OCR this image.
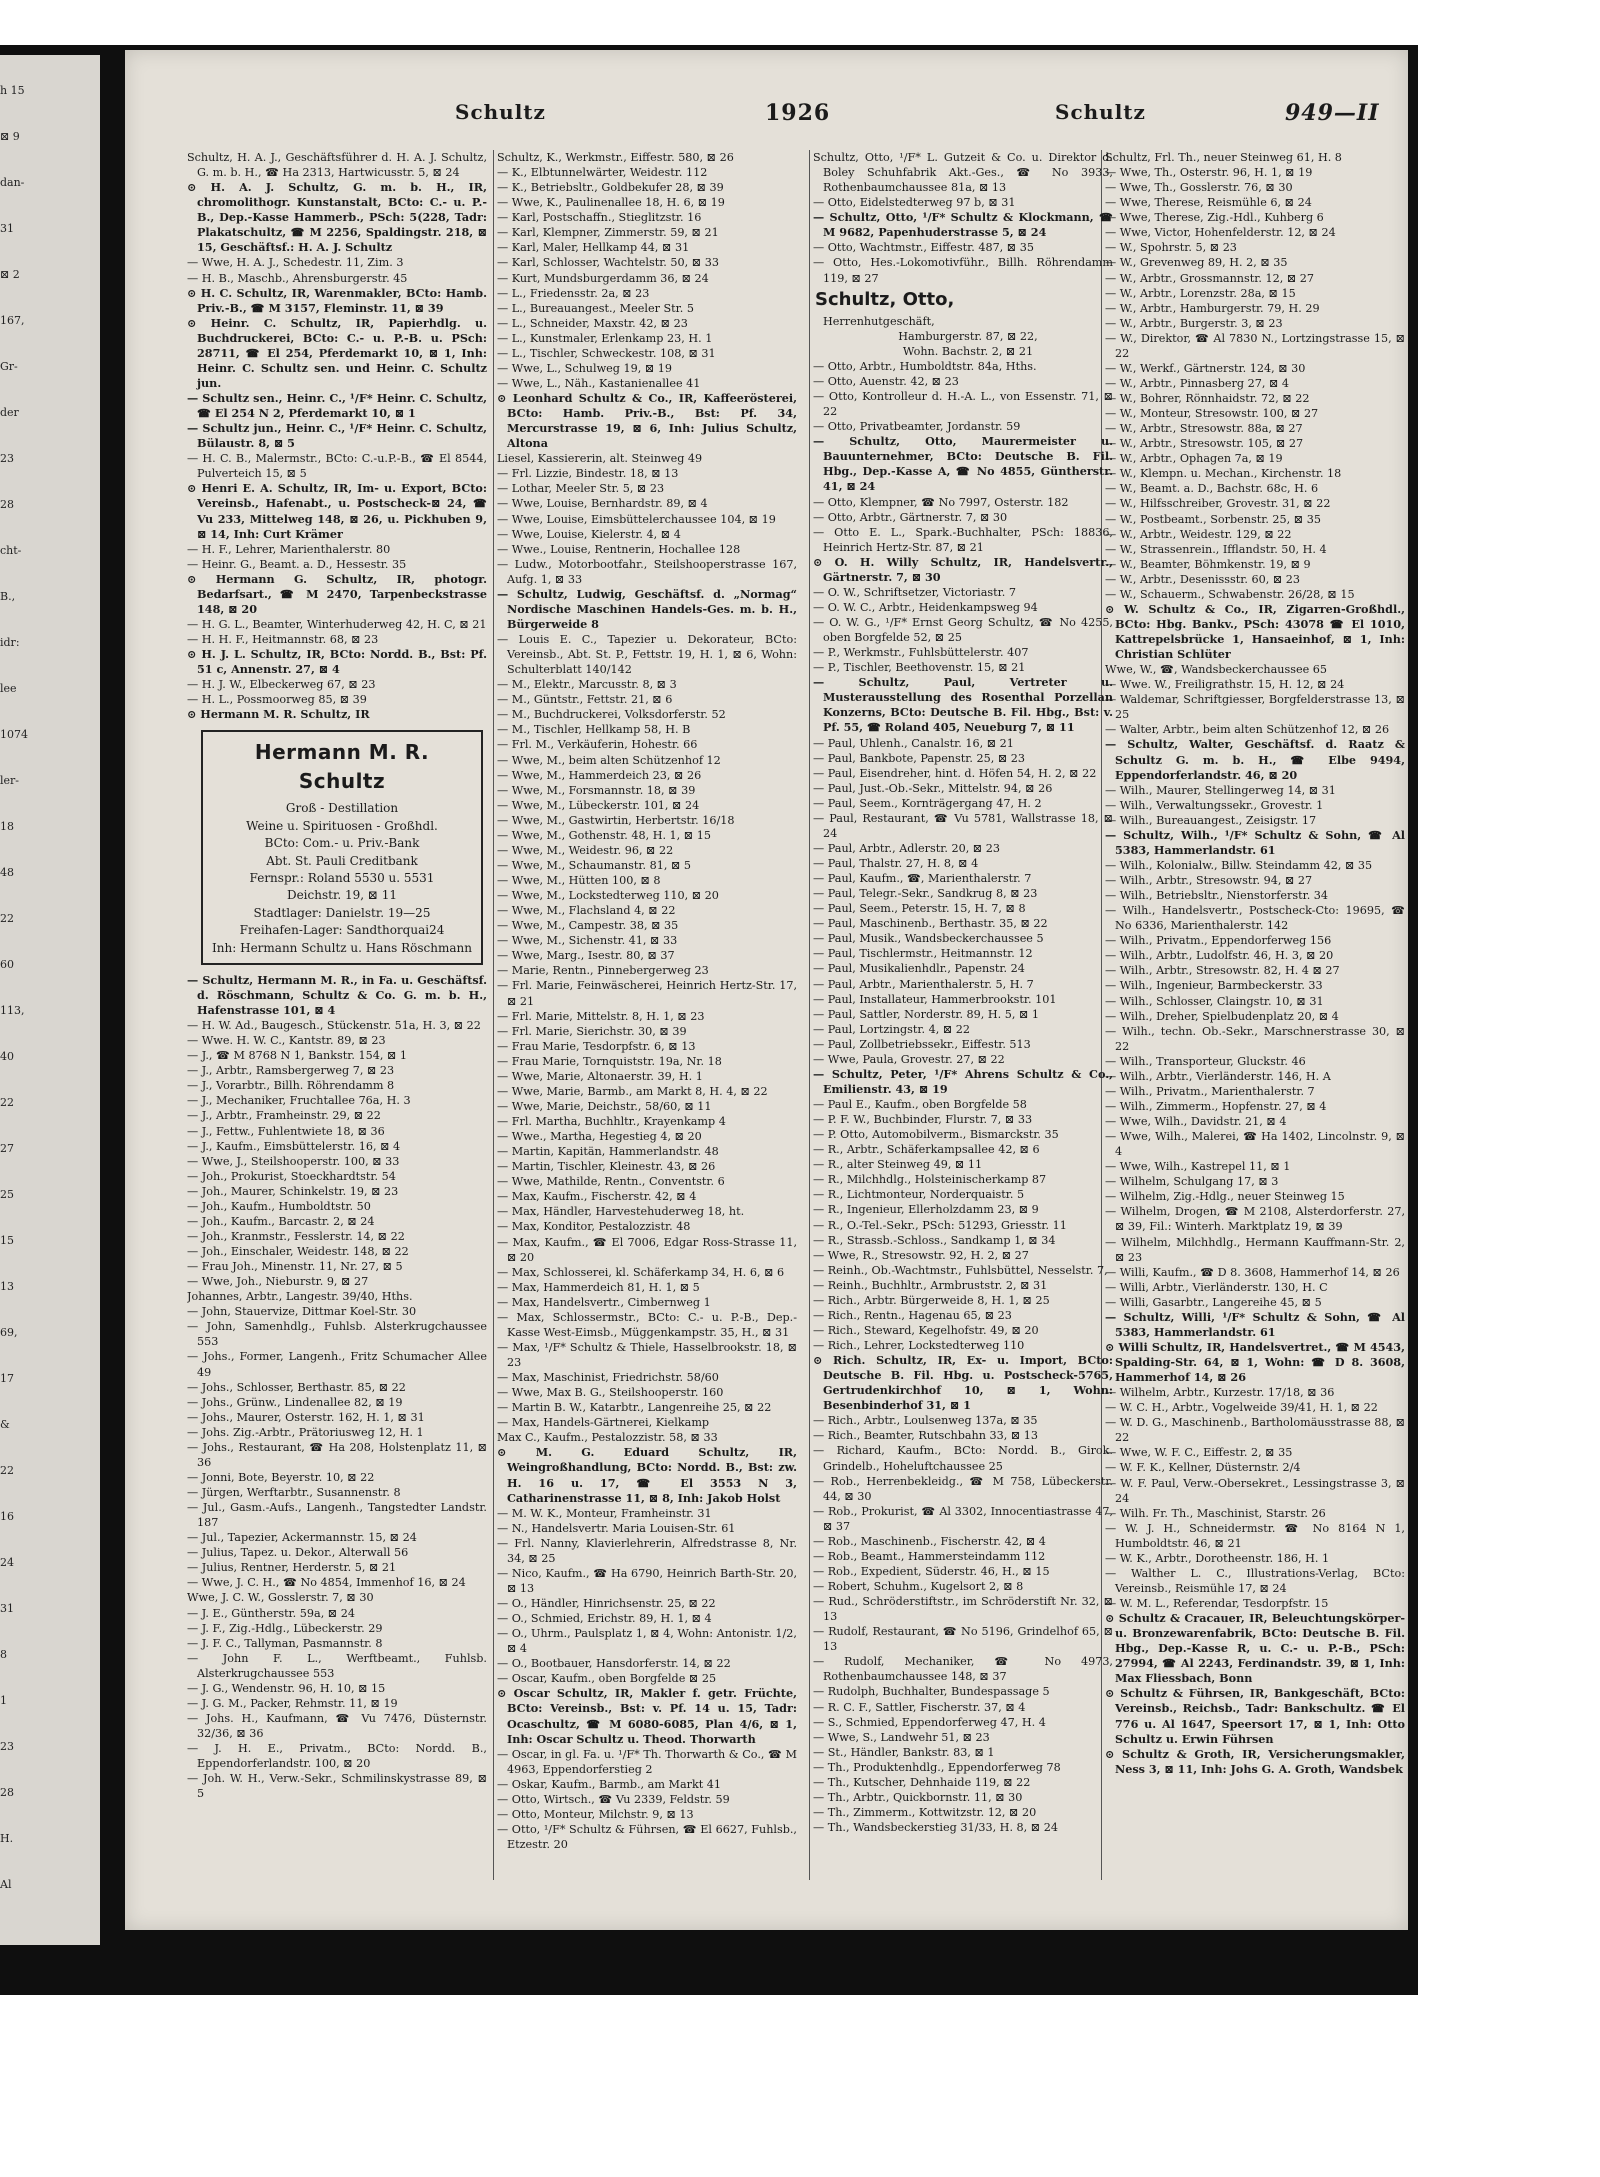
h 15
⊠ 9
dan-
31
⊠ 2
167,
Gr-
der
23
28
cht-
B.,
idr:
lee
1074
ler-
18
48
22
60
113,
40
22
27
25
15
13
69,
17
&
22
16
24
31
8
1
23
28
H.
Al
Schultz	1926	Schultz	949—II

Schultz, H. A. J., Geschäftsführer d. H. A. J. Schultz, G. m. b. H., ☎ Ha 2313, Hartwicusstr. 5, ⊠ 24

⊙ H. A. J. Schultz, G. m. b. H., IR, chromolithogr. Kunstanstalt, BCto: C.- u. P.-B., Dep.-Kasse Hammerb., PSch: 5(228, Tadr: Plakatschultz, ☎ M 2256, Spaldingstr. 218, ⊠ 15, Geschäftsf.: H. A. J. Schultz

— Wwe, H. A. J., Schedestr. 11, Zim. 3

— H. B., Maschb., Ahrensburgerstr. 45

⊙ H. C. Schultz, IR, Warenmakler, BCto: Hamb. Priv.-B., ☎ M 3157, Fleminstr. 11, ⊠ 39

⊙ Heinr. C. Schultz, IR, Papierhdlg. u. Buchdruckerei, BCto: C.- u. P.-B. u. PSch: 28711, ☎ El 254, Pferdemarkt 10, ⊠ 1, Inh: Heinr. C. Schultz sen. und Heinr. C. Schultz jun.

— Schultz sen., Heinr. C., ¹/F* Heinr. C. Schultz, ☎ El 254 N 2, Pferdemarkt 10, ⊠ 1

— Schultz jun., Heinr. C., ¹/F* Heinr. C. Schultz, Bülaustr. 8, ⊠ 5

— H. C. B., Malermstr., BCto: C.-u.P.-B., ☎ El 8544, Pulverteich 15, ⊠ 5

⊙ Henri E. A. Schultz, IR, Im- u. Export, BCto: Vereinsb., Hafenabt., u. Postscheck-⊠ 24, ☎ Vu 233, Mittelweg 148, ⊠ 26, u. Pickhuben 9, ⊠ 14, Inh: Curt Krämer

— H. F., Lehrer, Marienthalerstr. 80

— Heinr. G., Beamt. a. D., Hessestr. 35

⊙ Hermann G. Schultz, IR, photogr. Bedarfsart., ☎ M 2470, Tarpenbeckstrasse 148, ⊠ 20

— H. G. L., Beamter, Winterhuderweg 42, H. C, ⊠ 21

— H. H. F., Heitmannstr. 68, ⊠ 23

⊙ H. J. L. Schultz, IR, BCto: Nordd. B., Bst: Pf. 51 c, Annenstr. 27, ⊠ 4

— H. J. W., Elbeckerweg 67, ⊠ 23

— H. L., Possmoorweg 85, ⊠ 39

⊙ Hermann M. R. Schultz, IR

Hermann M. R. Schultz
Groß - Destillation
Weine u. Spirituosen - Großhdl.
BCto: Com.- u. Priv.-Bank
Abt. St. Pauli Creditbank
Fernspr.: Roland 5530 u. 5531
Deichstr. 19, ⊠ 11
Stadtlager: Danielstr. 19—25
Freihafen-Lager: Sandthorquai24
Inh: Hermann Schultz u. Hans Röschmann

— Schultz, Hermann M. R., in Fa. u. Geschäftsf. d. Röschmann, Schultz & Co. G. m. b. H., Hafenstrasse 101, ⊠ 4

— H. W. Ad., Baugesch., Stückenstr. 51a, H. 3, ⊠ 22

— Wwe. H. W. C., Kantstr. 89, ⊠ 23

— J., ☎ M 8768 N 1, Bankstr. 154, ⊠ 1

— J., Arbtr., Ramsbergerweg 7, ⊠ 23

— J., Vorarbtr., Billh. Röhrendamm 8

— J., Mechaniker, Fruchtallee 76a, H. 3

— J., Arbtr., Framheinstr. 29, ⊠ 22

— J., Fettw., Fuhlentwiete 18, ⊠ 36

— J., Kaufm., Eimsbüttelerstr. 16, ⊠ 4

— Wwe, J., Steilshooperstr. 100, ⊠ 33

— Joh., Prokurist, Stoeckhardtstr. 54

— Joh., Maurer, Schinkelstr. 19, ⊠ 23

— Joh., Kaufm., Humboldtstr. 50

— Joh., Kaufm., Barcastr. 2, ⊠ 24

— Joh., Kranmstr., Fesslerstr. 14, ⊠ 22

— Joh., Einschaler, Weidestr. 148, ⊠ 22

— Frau Joh., Minenstr. 11, Nr. 27, ⊠ 5

— Wwe, Joh., Nieburstr. 9, ⊠ 27

Johannes, Arbtr., Langestr. 39/40, Hths.

— John, Stauervize, Dittmar Koel-Str. 30

— John, Samenhdlg., Fuhlsb. Alsterkrugchaussee 553

— Johs., Former, Langenh., Fritz Schumacher Allee 49

— Johs., Schlosser, Berthastr. 85, ⊠ 22

— Johs., Grünw., Lindenallee 82, ⊠ 19

— Johs., Maurer, Osterstr. 162, H. 1, ⊠ 31

— Johs. Zig.-Arbtr., Prätoriusweg 12, H. 1

— Johs., Restaurant, ☎ Ha 208, Holstenplatz 11, ⊠ 36

— Jonni, Bote, Beyerstr. 10, ⊠ 22

— Jürgen, Werftarbtr., Susannenstr. 8

— Jul., Gasm.-Aufs., Langenh., Tangstedter Landstr. 187

— Jul., Tapezier, Ackermannstr. 15, ⊠ 24

— Julius, Tapez. u. Dekor., Alterwall 56

— Julius, Rentner, Herderstr. 5, ⊠ 21

— Wwe, J. C. H., ☎ No 4854, Immenhof 16, ⊠ 24

Wwe, J. C. W., Gosslerstr. 7, ⊠ 30

— J. E., Güntherstr. 59a, ⊠ 24

— J. F., Zig.-Hdlg., Lübeckerstr. 29

— J. F. C., Tallyman, Pasmannstr. 8

— John F. L., Werftbeamt., Fuhlsb. Alsterkrugchaussee 553

— J. G., Wendenstr. 96, H. 10, ⊠ 15

— J. G. M., Packer, Rehmstr. 11, ⊠ 19

— Johs. H., Kaufmann, ☎ Vu 7476, Düsternstr. 32/36, ⊠ 36

— J. H. E., Privatm., BCto: Nordd. B., Eppendorferlandstr. 100, ⊠ 20

— Joh. W. H., Verw.-Sekr., Schmilinskystrasse 89, ⊠ 5

Schultz, K., Werkmstr., Eiffestr. 580, ⊠ 26

— K., Elbtunnelwärter, Weidestr. 112

— K., Betriebsltr., Goldbekufer 28, ⊠ 39

— Wwe, K., Paulinenallee 18, H. 6, ⊠ 19

— Karl, Postschaffn., Stieglitzstr. 16

— Karl, Klempner, Zimmerstr. 59, ⊠ 21

— Karl, Maler, Hellkamp 44, ⊠ 31

— Karl, Schlosser, Wachtelstr. 50, ⊠ 33

— Kurt, Mundsburgerdamm 36, ⊠ 24

— L., Friedensstr. 2a, ⊠ 23

— L., Bureauangest., Meeler Str. 5

— L., Schneider, Maxstr. 42, ⊠ 23

— L., Kunstmaler, Erlenkamp 23, H. 1

— L., Tischler, Schweckestr. 108, ⊠ 31

— Wwe, L., Schulweg 19, ⊠ 19

— Wwe, L., Näh., Kastanienallee 41

⊙ Leonhard Schultz & Co., IR, Kaffeerösterei, BCto: Hamb. Priv.-B., Bst: Pf. 34, Mercurstrasse 19, ⊠ 6, Inh: Julius Schultz, Altona

Liesel, Kassiererin, alt. Steinweg 49

— Frl. Lizzie, Bindestr. 18, ⊠ 13

— Lothar, Meeler Str. 5, ⊠ 23

— Wwe, Louise, Bernhardstr. 89, ⊠ 4

— Wwe, Louise, Eimsbüttelerchaussee 104, ⊠ 19

— Wwe, Louise, Kielerstr. 4, ⊠ 4

— Wwe., Louise, Rentnerin, Hochallee 128

— Ludw., Motorbootfahr., Steilshooperstrasse 167, Aufg. 1, ⊠ 33

— Schultz, Ludwig, Geschäftsf. d. „Normag“ Nordische Maschinen Handels-Ges. m. b. H., Bürgerweide 8

— Louis E. C., Tapezier u. Dekorateur, BCto: Vereinsb., Abt. St. P., Fettstr. 19, H. 1, ⊠ 6, Wohn: Schulterblatt 140/142

— M., Elektr., Marcusstr. 8, ⊠ 3

— M., Güntstr., Fettstr. 21, ⊠ 6

— M., Buchdruckerei, Volksdorferstr. 52

— M., Tischler, Hellkamp 58, H. B

— Frl. M., Verkäuferin, Hohestr. 66

— Wwe, M., beim alten Schützenhof 12

— Wwe, M., Hammerdeich 23, ⊠ 26

— Wwe, M., Forsmannstr. 18, ⊠ 39

— Wwe, M., Lübeckerstr. 101, ⊠ 24

— Wwe, M., Gastwirtin, Herbertstr. 16/18

— Wwe, M., Gothenstr. 48, H. 1, ⊠ 15

— Wwe, M., Weidestr. 96, ⊠ 22

— Wwe, M., Schaumanstr. 81, ⊠ 5

— Wwe, M., Hütten 100, ⊠ 8

— Wwe, M., Lockstedterweg 110, ⊠ 20

— Wwe, M., Flachsland 4, ⊠ 22

— Wwe, M., Campestr. 38, ⊠ 35

— Wwe, M., Sichenstr. 41, ⊠ 33

— Wwe, Marg., Isestr. 80, ⊠ 37

— Marie, Rentn., Pinnebergerweg 23

— Frl. Marie, Feinwäscherei, Heinrich Hertz-Str. 17, ⊠ 21

— Frl. Marie, Mittelstr. 8, H. 1, ⊠ 23

— Frl. Marie, Sierichstr. 30, ⊠ 39

— Frau Marie, Tesdorpfstr. 6, ⊠ 13

— Frau Marie, Tornquiststr. 19a, Nr. 18

— Wwe, Marie, Altonaerstr. 39, H. 1

— Wwe, Marie, Barmb., am Markt 8, H. 4, ⊠ 22

— Wwe, Marie, Deichstr., 58/60, ⊠ 11

— Frl. Martha, Buchhltr., Krayenkamp 4

— Wwe., Martha, Hegestieg 4, ⊠ 20

— Martin, Kapitän, Hammerlandstr. 48

— Martin, Tischler, Kleinestr. 43, ⊠ 26

— Wwe, Mathilde, Rentn., Conventstr. 6

— Max, Kaufm., Fischerstr. 42, ⊠ 4

— Max, Händler, Harvestehuderweg 18, ht.

— Max, Konditor, Pestalozzistr. 48

— Max, Kaufm., ☎ El 7006, Edgar Ross-Strasse 11, ⊠ 20

— Max, Schlosserei, kl. Schäferkamp 34, H. 6, ⊠ 6

— Max, Hammerdeich 81, H. 1, ⊠ 5

— Max, Handelsvertr., Cimbernweg 1

— Max, Schlossermstr., BCto: C.- u. P.-B., Dep.-Kasse West-Eimsb., Müggenkampstr. 35, H., ⊠ 31

— Max, ¹/F* Schultz & Thiele, Hasselbrookstr. 18, ⊠ 23

— Max, Maschinist, Friedrichstr. 58/60

— Wwe, Max B. G., Steilshooperstr. 160

— Martin B. W., Katarbtr., Langenreihe 25, ⊠ 22

— Max, Handels-Gärtnerei, Kielkamp

Max C., Kaufm., Pestalozzistr. 58, ⊠ 33

⊙ M. G. Eduard Schultz, IR, Weingroßhandlung, BCto: Nordd. B., Bst: zw. H. 16 u. 17, ☎ El 3553 N 3, Catharinenstrasse 11, ⊠ 8, Inh: Jakob Holst

— M. W. K., Monteur, Framheinstr. 31

— N., Handelsvertr. Maria Louisen-Str. 61

— Frl. Nanny, Klavierlehrerin, Alfredstrasse 8, Nr. 34, ⊠ 25

— Nico, Kaufm., ☎ Ha 6790, Heinrich Barth-Str. 20, ⊠ 13

— O., Händler, Hinrichsenstr. 25, ⊠ 22

— O., Schmied, Erichstr. 89, H. 1, ⊠ 4

— O., Uhrm., Paulsplatz 1, ⊠ 4, Wohn: Antonistr. 1/2, ⊠ 4

— O., Bootbauer, Hansdorferstr. 14, ⊠ 22

— Oscar, Kaufm., oben Borgfelde ⊠ 25

⊙ Oscar Schultz, IR, Makler f. getr. Früchte, BCto: Vereinsb., Bst: v. Pf. 14 u. 15, Tadr: Ocaschultz, ☎ M 6080-6085, Plan 4/6, ⊠ 1, Inh: Oscar Schultz u. Theod. Thorwarth

— Oscar, in gl. Fa. u. ¹/F* Th. Thorwarth & Co., ☎ M 4963, Eppendorferstieg 2

— Oskar, Kaufm., Barmb., am Markt 41

— Otto, Wirtsch., ☎ Vu 2339, Feldstr. 59

— Otto, Monteur, Milchstr. 9, ⊠ 13

— Otto, ¹/F* Schultz & Führsen, ☎ El 6627, Fuhlsb., Etzestr. 20

Schultz, Otto, ¹/F* L. Gutzeit & Co. u. Direktor d. Boley Schuhfabrik Akt.-Ges., ☎ No 3933, Rothenbaumchaussee 81a, ⊠ 13

— Otto, Eidelstedterweg 97 b, ⊠ 31

— Schultz, Otto, ¹/F* Schultz & Klockmann, ☎ M 9682, Papenhuderstrasse 5, ⊠ 24

— Otto, Wachtmstr., Eiffestr. 487, ⊠ 35

— Otto, Hes.-Lokomotivführ., Billh. Röhrendamm 119, ⊠ 27

Schultz, Otto,
Herrenhutgeschäft,
Hamburgerstr. 87, ⊠ 22,
Wohn. Bachstr. 2, ⊠ 21

— Otto, Arbtr., Humboldtstr. 84a, Hths.

— Otto, Auenstr. 42, ⊠ 23

— Otto, Kontrolleur d. H.-A. L., von Essenstr. 71, ⊠ 22

— Otto, Privatbeamter, Jordanstr. 59

— Schultz, Otto, Maurermeister u. Bauunternehmer, BCto: Deutsche B. Fil. Hbg., Dep.-Kasse A, ☎ No 4855, Güntherstr. 41, ⊠ 24

— Otto, Klempner, ☎ No 7997, Osterstr. 182

— Otto, Arbtr., Gärtnerstr. 7, ⊠ 30

— Otto E. L., Spark.-Buchhalter, PSch: 18836, Heinrich Hertz-Str. 87, ⊠ 21

⊙ O. H. Willy Schultz, IR, Handelsvertr., Gärtnerstr. 7, ⊠ 30

— O. W., Schriftsetzer, Victoriastr. 7

— O. W. C., Arbtr., Heidenkampsweg 94

— O. W. G., ¹/F* Ernst Georg Schultz, ☎ No 4255, oben Borgfelde 52, ⊠ 25

— P., Werkmstr., Fuhlsbüttelerstr. 407

— P., Tischler, Beethovenstr. 15, ⊠ 21

— Schultz, Paul, Vertreter u. Musterausstellung des Rosenthal Porzellan Konzerns, BCto: Deutsche B. Fil. Hbg., Bst: v. Pf. 55, ☎ Roland 405, Neueburg 7, ⊠ 11

— Paul, Uhlenh., Canalstr. 16, ⊠ 21

— Paul, Bankbote, Papenstr. 25, ⊠ 23

— Paul, Eisendreher, hint. d. Höfen 54, H. 2, ⊠ 22

— Paul, Just.-Ob.-Sekr., Mittelstr. 94, ⊠ 26

— Paul, Seem., Kornträgergang 47, H. 2

— Paul, Restaurant, ☎ Vu 5781, Wallstrasse 18, ⊠ 24

— Paul, Arbtr., Adlerstr. 20, ⊠ 23

— Paul, Thalstr. 27, H. 8, ⊠ 4

— Paul, Kaufm., ☎, Marienthalerstr. 7

— Paul, Telegr.-Sekr., Sandkrug 8, ⊠ 23

— Paul, Seem., Peterstr. 15, H. 7, ⊠ 8

— Paul, Maschinenb., Berthastr. 35, ⊠ 22

— Paul, Musik., Wandsbeckerchaussee 5

— Paul, Tischlermstr., Heitmannstr. 12

— Paul, Musikalienhdlr., Papenstr. 24

— Paul, Arbtr., Marienthalerstr. 5, H. 7

— Paul, Installateur, Hammerbrookstr. 101

— Paul, Sattler, Norderstr. 89, H. 5, ⊠ 1

— Paul, Lortzingstr. 4, ⊠ 22

— Paul, Zollbetriebssekr., Eiffestr. 513

— Wwe, Paula, Grovestr. 27, ⊠ 22

— Schultz, Peter, ¹/F* Ahrens Schultz & Co., Emilienstr. 43, ⊠ 19

— Paul E., Kaufm., oben Borgfelde 58

— P. F. W., Buchbinder, Flurstr. 7, ⊠ 33

— P. Otto, Automobilverm., Bismarckstr. 35

— R., Arbtr., Schäferkampsallee 42, ⊠ 6

— R., alter Steinweg 49, ⊠ 11

— R., Milchhdlg., Holsteinischerkamp 87

— R., Lichtmonteur, Norderquaistr. 5

— R., Ingenieur, Ellerholzdamm 23, ⊠ 9

— R., O.-Tel.-Sekr., PSch: 51293, Griesstr. 11

— R., Strassb.-Schloss., Sandkamp 1, ⊠ 34

— Wwe, R., Stresowstr. 92, H. 2, ⊠ 27

— Reinh., Ob.-Wachtmstr., Fuhlsbüttel, Nesselstr. 7,

— Reinh., Buchhltr., Armbruststr. 2, ⊠ 31

— Rich., Arbtr. Bürgerweide 8, H. 1, ⊠ 25

— Rich., Rentn., Hagenau 65, ⊠ 23

— Rich., Steward, Kegelhofstr. 49, ⊠ 20

— Rich., Lehrer, Lockstedterweg 110

⊙ Rich. Schultz, IR, Ex- u. Import, BCto: Deutsche B. Fil. Hbg. u. Postscheck-5765, Gertrudenkirchhof 10, ⊠ 1, Wohn: Besenbinderhof 31, ⊠ 1

— Rich., Arbtr., Loulsenweg 137a, ⊠ 35

— Rich., Beamter, Rutschbahn 33, ⊠ 13

— Richard, Kaufm., BCto: Nordd. B., Girok. Grindelb., Hoheluftchaussee 25

— Rob., Herrenbekleidg., ☎ M 758, Lübeckerstr. 44, ⊠ 30

— Rob., Prokurist, ☎ Al 3302, Innocentiastrasse 47, ⊠ 37

— Rob., Maschinenb., Fischerstr. 42, ⊠ 4

— Rob., Beamt., Hammersteindamm 112

— Rob., Expedient, Süderstr. 46, H., ⊠ 15

— Robert, Schuhm., Kugelsort 2, ⊠ 8

— Rud., Schröderstiftstr., im Schröderstift Nr. 32, ⊠ 13

— Rudolf, Restaurant, ☎ No 5196, Grindelhof 65, ⊠ 13

— Rudolf, Mechaniker, ☎ No 4973, Rothenbaumchaussee 148, ⊠ 37

— Rudolph, Buchhalter, Bundespassage 5

— R. C. F., Sattler, Fischerstr. 37, ⊠ 4

— S., Schmied, Eppendorferweg 47, H. 4

— Wwe, S., Landwehr 51, ⊠ 23

— St., Händler, Bankstr. 83, ⊠ 1

— Th., Produktenhdlg., Eppendorferweg 78

— Th., Kutscher, Dehnhaide 119, ⊠ 22

— Th., Arbtr., Quickbornstr. 11, ⊠ 30

— Th., Zimmerm., Kottwitzstr. 12, ⊠ 20

— Th., Wandsbeckerstieg 31/33, H. 8, ⊠ 24

Schultz, Frl. Th., neuer Steinweg 61, H. 8

— Wwe, Th., Osterstr. 96, H. 1, ⊠ 19

— Wwe, Th., Gosslerstr. 76, ⊠ 30

— Wwe, Therese, Reismühle 6, ⊠ 24

— Wwe, Therese, Zig.-Hdl., Kuhberg 6

— Wwe, Victor, Hohenfelderstr. 12, ⊠ 24

— W., Spohrstr. 5, ⊠ 23

— W., Grevenweg 89, H. 2, ⊠ 35

— W., Arbtr., Grossmannstr. 12, ⊠ 27

— W., Arbtr., Lorenzstr. 28a, ⊠ 15

— W., Arbtr., Hamburgerstr. 79, H. 29

— W., Arbtr., Burgerstr. 3, ⊠ 23

— W., Direktor, ☎ Al 7830 N., Lortzingstrasse 15, ⊠ 22

— W., Werkf., Gärtnerstr. 124, ⊠ 30

— W., Arbtr., Pinnasberg 27, ⊠ 4

— W., Bohrer, Rönnhaidstr. 72, ⊠ 22

— W., Monteur, Stresowstr. 100, ⊠ 27

— W., Arbtr., Stresowstr. 88a, ⊠ 27

— W., Arbtr., Stresowstr. 105, ⊠ 27

— W., Arbtr., Ophagen 7a, ⊠ 19

— W., Klempn. u. Mechan., Kirchenstr. 18

— W., Beamt. a. D., Bachstr. 68c, H. 6

— W., Hilfsschreiber, Grovestr. 31, ⊠ 22

— W., Postbeamt., Sorbenstr. 25, ⊠ 35

— W., Arbtr., Weidestr. 129, ⊠ 22

— W., Strassenrein., Ifflandstr. 50, H. 4

— W., Beamter, Böhmkenstr. 19, ⊠ 9

— W., Arbtr., Desenissstr. 60, ⊠ 23

— W., Schauerm., Schwabenstr. 26/28, ⊠ 15

⊙ W. Schultz & Co., IR, Zigarren-Großhdl., BCto: Hbg. Bankv., PSch: 43078 ☎ El 1010, Kattrepelsbrücke 1, Hansaeinhof, ⊠ 1, Inh: Christian Schlüter

Wwe, W., ☎, Wandsbeckerchaussee 65

— Wwe. W., Freiligrathstr. 15, H. 12, ⊠ 24

— Waldemar, Schriftgiesser, Borgfelderstrasse 13, ⊠ 25

— Walter, Arbtr., beim alten Schützenhof 12, ⊠ 26

— Schultz, Walter, Geschäftsf. d. Raatz & Schultz G. m. b. H., ☎ Elbe 9494, Eppendorferlandstr. 46, ⊠ 20

— Wilh., Maurer, Stellingerweg 14, ⊠ 31

— Wilh., Verwaltungssekr., Grovestr. 1

— Wilh., Bureauangest., Zeisigstr. 17

— Schultz, Wilh., ¹/F* Schultz & Sohn, ☎ Al 5383, Hammerlandstr. 61

— Wilh., Kolonialw., Billw. Steindamm 42, ⊠ 35

— Wilh., Arbtr., Stresowstr. 94, ⊠ 27

— Wilh., Betriebsltr., Nienstorferstr. 34

— Wilh., Handelsvertr., Postscheck-Cto: 19695, ☎ No 6336, Marienthalerstr. 142

— Wilh., Privatm., Eppendorferweg 156

— Wilh., Arbtr., Ludolfstr. 46, H. 3, ⊠ 20

— Wilh., Arbtr., Stresowstr. 82, H. 4 ⊠ 27

— Wilh., Ingenieur, Barmbeckerstr. 33

— Wilh., Schlosser, Claingstr. 10, ⊠ 31

— Wilh., Dreher, Spielbudenplatz 20, ⊠ 4

— Wilh., techn. Ob.-Sekr., Marschnerstrasse 30, ⊠ 22

— Wilh., Transporteur, Gluckstr. 46

— Wilh., Arbtr., Vierländerstr. 146, H. A

— Wilh., Privatm., Marienthalerstr. 7

— Wilh., Zimmerm., Hopfenstr. 27, ⊠ 4

— Wwe, Wilh., Davidstr. 21, ⊠ 4

— Wwe, Wilh., Malerei, ☎ Ha 1402, Lincolnstr. 9, ⊠ 4

— Wwe, Wilh., Kastrepel 11, ⊠ 1

— Wilhelm, Schulgang 17, ⊠ 3

— Wilhelm, Zig.-Hdlg., neuer Steinweg 15

— Wilhelm, Drogen, ☎ M 2108, Alsterdorferstr. 27, ⊠ 39, Fil.: Winterh. Marktplatz 19, ⊠ 39

— Wilhelm, Milchhdlg., Hermann Kauffmann-Str. 2, ⊠ 23

— Willi, Kaufm., ☎ D 8. 3608, Hammerhof 14, ⊠ 26

— Willi, Arbtr., Vierländerstr. 130, H. C

— Willi, Gasarbtr., Langereihe 45, ⊠ 5

— Schultz, Willi, ¹/F* Schultz & Sohn, ☎ Al 5383, Hammerlandstr. 61

⊙ Willi Schultz, IR, Handelsvertret., ☎ M 4543, Spalding-Str. 64, ⊠ 1, Wohn: ☎ D 8. 3608, Hammerhof 14, ⊠ 26

— Wilhelm, Arbtr., Kurzestr. 17/18, ⊠ 36

— W. C. H., Arbtr., Vogelweide 39/41, H. 1, ⊠ 22

— W. D. G., Maschinenb., Bartholomäusstrasse 88, ⊠ 22

— Wwe, W. F. C., Eiffestr. 2, ⊠ 35

— W. F. K., Kellner, Düsternstr. 2/4

— W. F. Paul, Verw.-Obersekret., Lessingstrasse 3, ⊠ 24

— Wilh. Fr. Th., Maschinist, Starstr. 26

— W. J. H., Schneidermstr. ☎ No 8164 N 1, Humboldtstr. 46, ⊠ 21

— W. K., Arbtr., Dorotheenstr. 186, H. 1

— Walther L. C., Illustrations-Verlag, BCto: Vereinsb., Reismühle 17, ⊠ 24

— W. M. L., Referendar, Tesdorpfstr. 15

⊙ Schultz & Cracauer, IR, Beleuchtungskörper- u. Bronzewarenfabrik, BCto: Deutsche B. Fil. Hbg., Dep.-Kasse R, u. C.- u. P.-B., PSch: 27994, ☎ Al 2243, Ferdinandstr. 39, ⊠ 1, Inh: Max Fliessbach, Bonn

⊙ Schultz & Führsen, IR, Bankgeschäft, BCto: Vereinsb., Reichsb., Tadr: Bankschultz. ☎ El 776 u. Al 1647, Speersort 17, ⊠ 1, Inh: Otto Schultz u. Erwin Führsen

⊙ Schultz & Groth, IR, Versicherungsmakler, Ness 3, ⊠ 11, Inh: Johs G. A. Groth, Wandsbek
